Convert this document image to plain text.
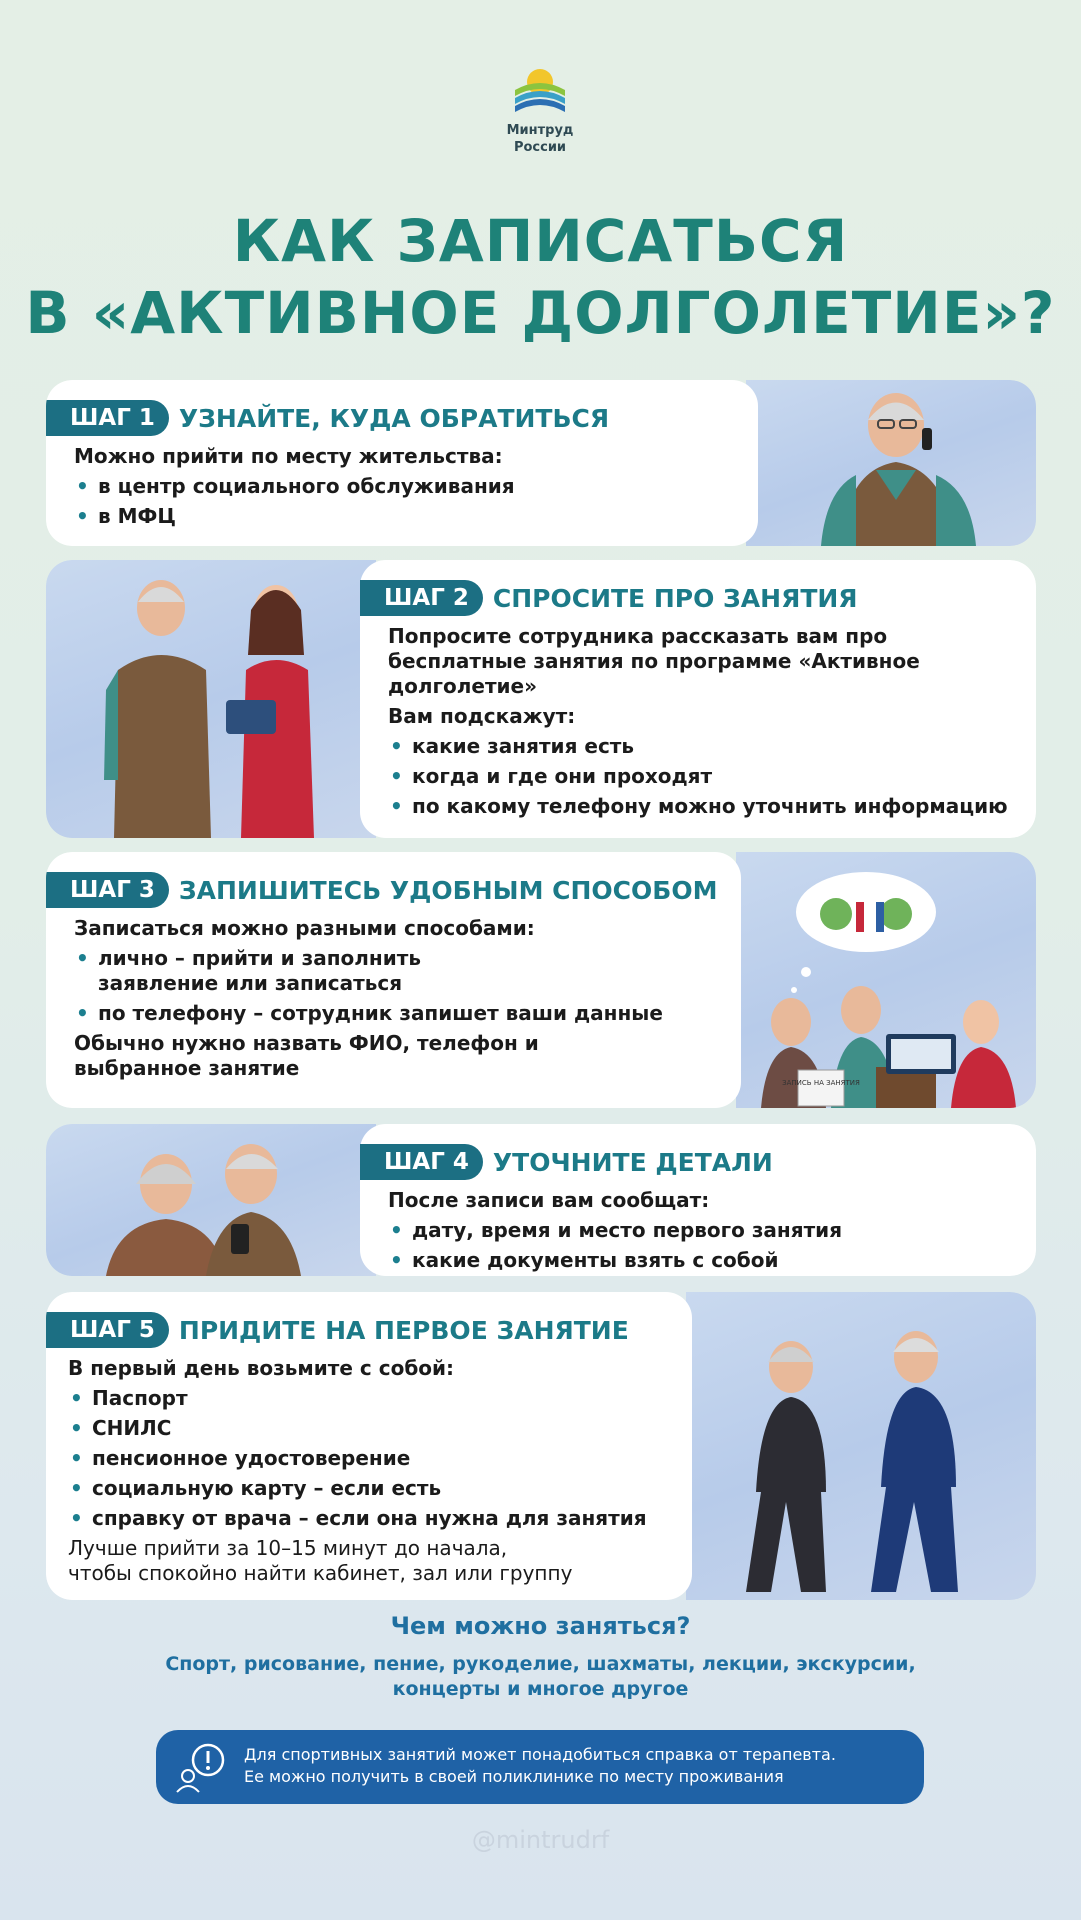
Минтруд
России
КАК ЗАПИСАТЬСЯ
В «АКТИВНОЕ ДОЛГОЛЕТИЕ»?
ШАГ 1 УЗНАЙТЕ, КУДА ОБРАТИТЬСЯ

Можно прийти по месту жительства:

• в центр социального обслуживания
• в МФЦ
ШАГ 2 СПРОСИТЕ ПРО ЗАНЯТИЯ

Попросите сотрудника рассказать вам про бесплатные занятия по программе «Активное долголетие»

Вам подскажут:

• какие занятия есть
• когда и где они проходят
• по какому телефону можно уточнить информацию
ЗАПИСЬ НА ЗАНЯТИЯ
ШАГ 3 ЗАПИШИТЕСЬ УДОБНЫМ СПОСОБОМ

Записаться можно разными способами:

• лично – прийти и заполнить заявление или записаться
• по телефону – сотрудник запишет ваши данные

Обычно нужно назвать ФИО, телефон и выбранное занятие

ШАГ 4 УТОЧНИТЕ ДЕТАЛИ

После записи вам сообщат:

• дату, время и место первого занятия
• какие документы взять с собой
ШАГ 5 ПРИДИТЕ НА ПЕРВОЕ ЗАНЯТИЕ

В первый день возьмите с собой:

• Паспорт
• СНИЛС
• пенсионное удостоверение
• социальную карту – если есть
• справку от врача – если она нужна для занятия

Лучше прийти за 10–15 минут до начала, чтобы спокойно найти кабинет, зал или группу

Чем можно заняться?
Спорт, рисование, пение, рукоделие, шахматы, лекции, экскурсии, концерты и многое другое
Для спортивных занятий может понадобиться справка от терапевта.
Ее можно получить в своей поликлинике по месту проживания
@mintrudrf
